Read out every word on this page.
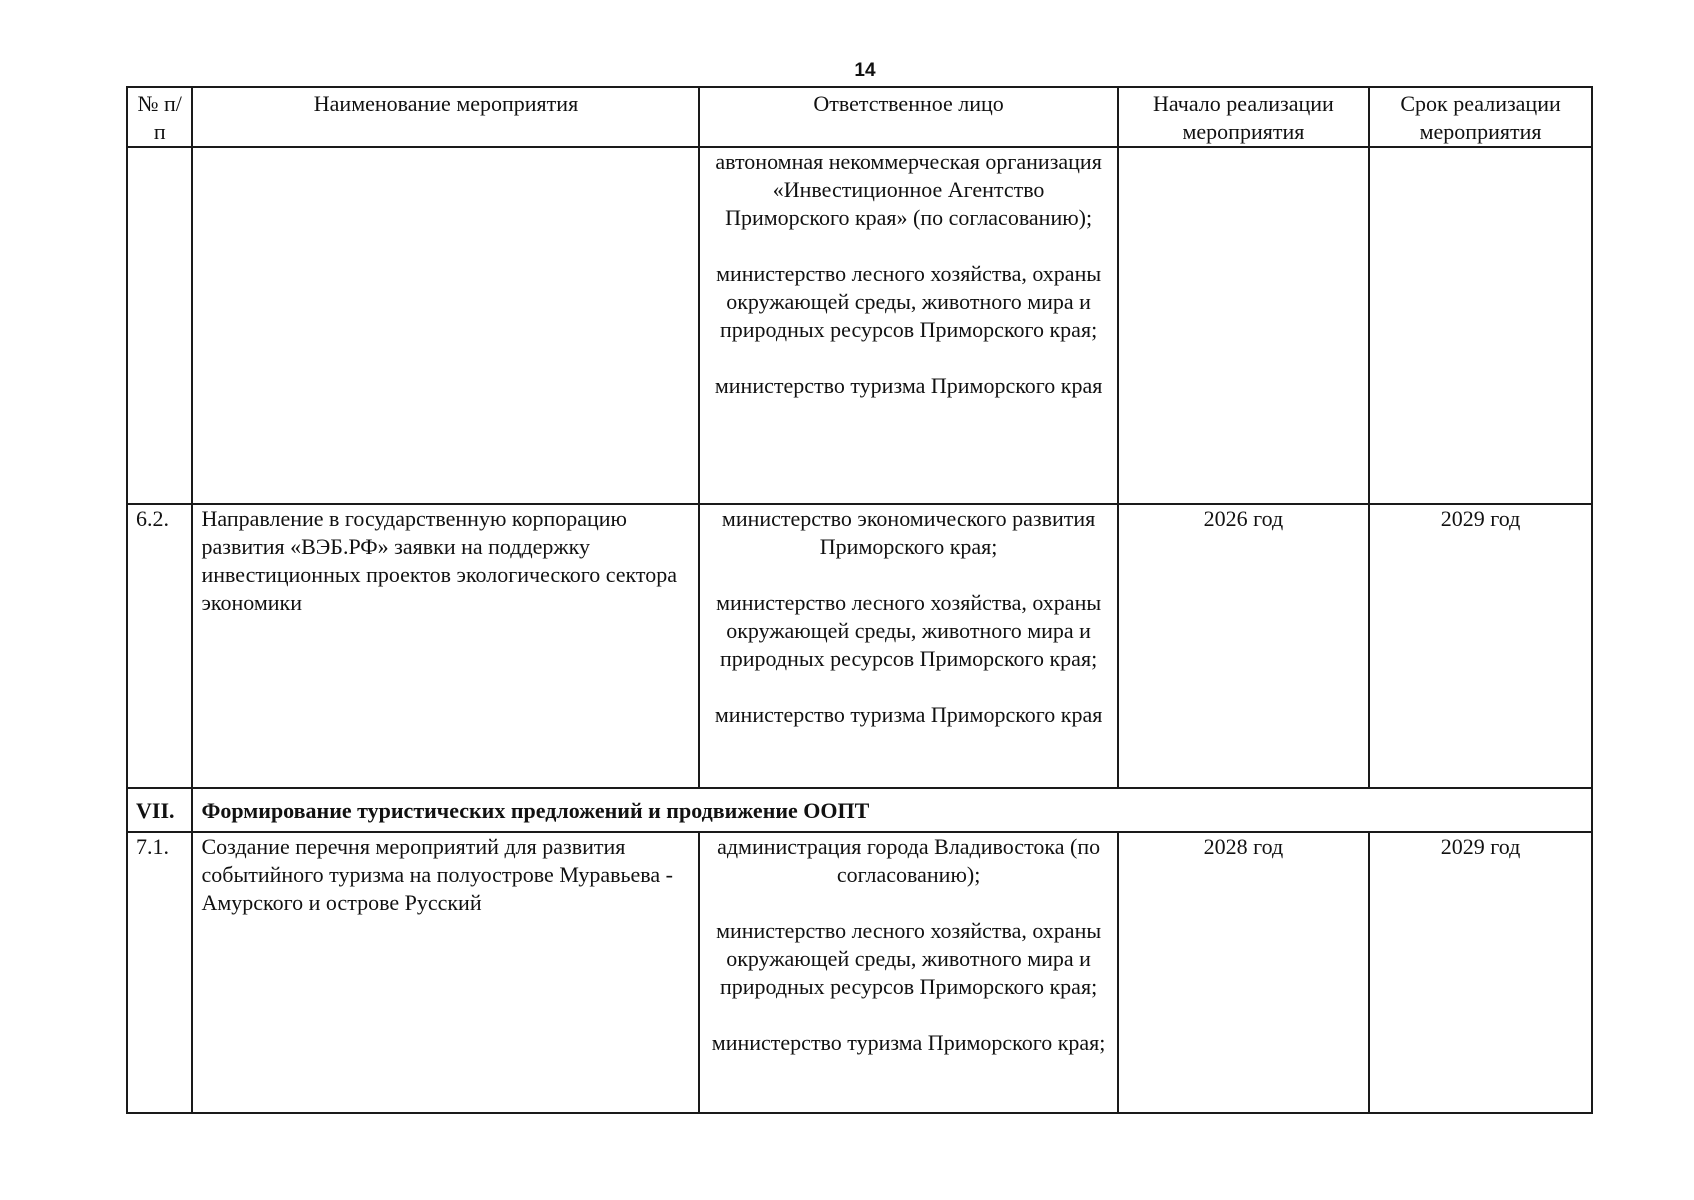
14
№ п/п	Наименование мероприятия	Ответственное лицо	Начало реализации мероприятия	Срок реализации мероприятия

		автономная некоммерческая организация «Инвестиционное Агентство Приморского края» (по согласованию);
министерство лесного хозяйства, охраны окружающей среды, животного мира и природных ресурсов Приморского края;
министерство туризма Приморского края		

6.2.	Направление в государственную корпорацию развития «ВЭБ.РФ» заявки на поддержку инвестиционных проектов экологического сектора экономики	министерство экономического развития Приморского края;
министерство лесного хозяйства, охраны окружающей среды, животного мира и природных ресурсов Приморского края;
министерство туризма Приморского края	2026 год	2029 год
VII.	Формирование туристических предложений и продвижение ООПТ			
7.1.	Создание перечня мероприятий для развития событийного туризма на полуострове Муравьева - Амурского и острове Русский	администрация города Владивостока (по согласованию);
министерство лесного хозяйства, охраны окружающей среды, животного мира и природных ресурсов Приморского края;
министерство туризма Приморского края;	2028 год	2029 год
